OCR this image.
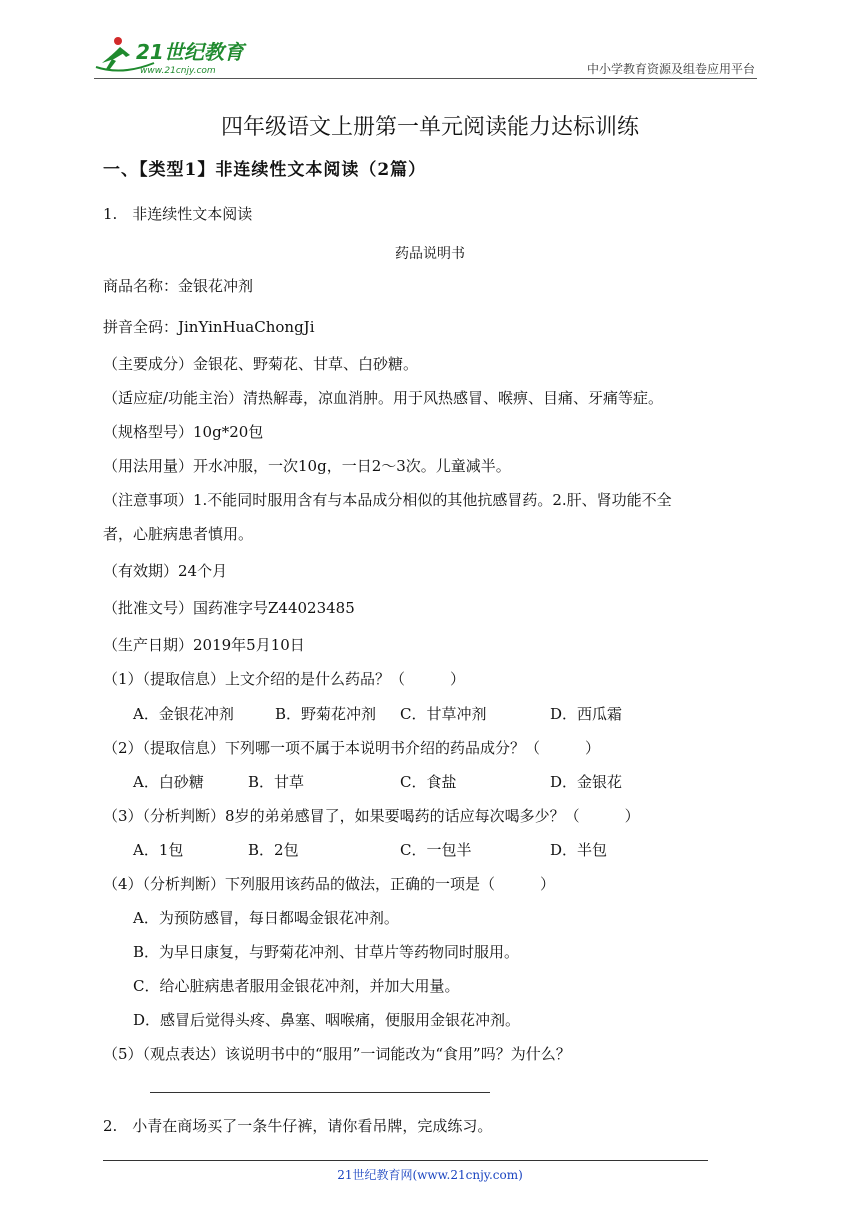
21世纪教育
www.21cnjy.com	中小学教育资源及组卷应用平台
四年级语文上册第一单元阅读能力达标训练
一、【类型1】非连续性文本阅读（2篇）
1.　非连续性文本阅读
药品说明书
商品名称：金银花冲剂
拼音全码：JinYinHuaChongJi
（主要成分）金银花、野菊花、甘草、白砂糖。
（适应症/功能主治）清热解毒，凉血消肿。用于风热感冒、喉痹、目痛、牙痛等症。
（规格型号）10g*20包
（用法用量）开水冲服，一次10g，一日2～3次。儿童减半。
（注意事项）1.不能同时服用含有与本品成分相似的其他抗感冒药。2.肝、肾功能不全
者，心脏病患者慎用。
（有效期）24个月
（批准文号）国药准字号Z44023485
（生产日期）2019年5月10日
（1）（提取信息）上文介绍的是什么药品？（　　　）
A．金银花冲剂	B．野菊花冲剂 C．甘草冲剂	D．西瓜霜
（2）（提取信息）下列哪一项不属于本说明书介绍的药品成分？（　　　）
A．白砂糖	B．甘草	C．食盐	D．金银花
（3）（分析判断）8岁的弟弟感冒了，如果要喝药的话应每次喝多少？（　　　）
A．1包	B．2包	C．一包半	D．半包
（4）（分析判断）下列服用该药品的做法，正确的一项是（　　　）
A．为预防感冒，每日都喝金银花冲剂。
B．为早日康复，与野菊花冲剂、甘草片等药物同时服用。
C．给心脏病患者服用金银花冲剂，并加大用量。
D．感冒后觉得头疼、鼻塞、咽喉痛，便服用金银花冲剂。
（5）（观点表达）该说明书中的“服用”一词能改为“食用”吗？为什么？
2.　小青在商场买了一条牛仔裤，请你看吊牌，完成练习。
21世纪教育网(www.21cnjy.com)
